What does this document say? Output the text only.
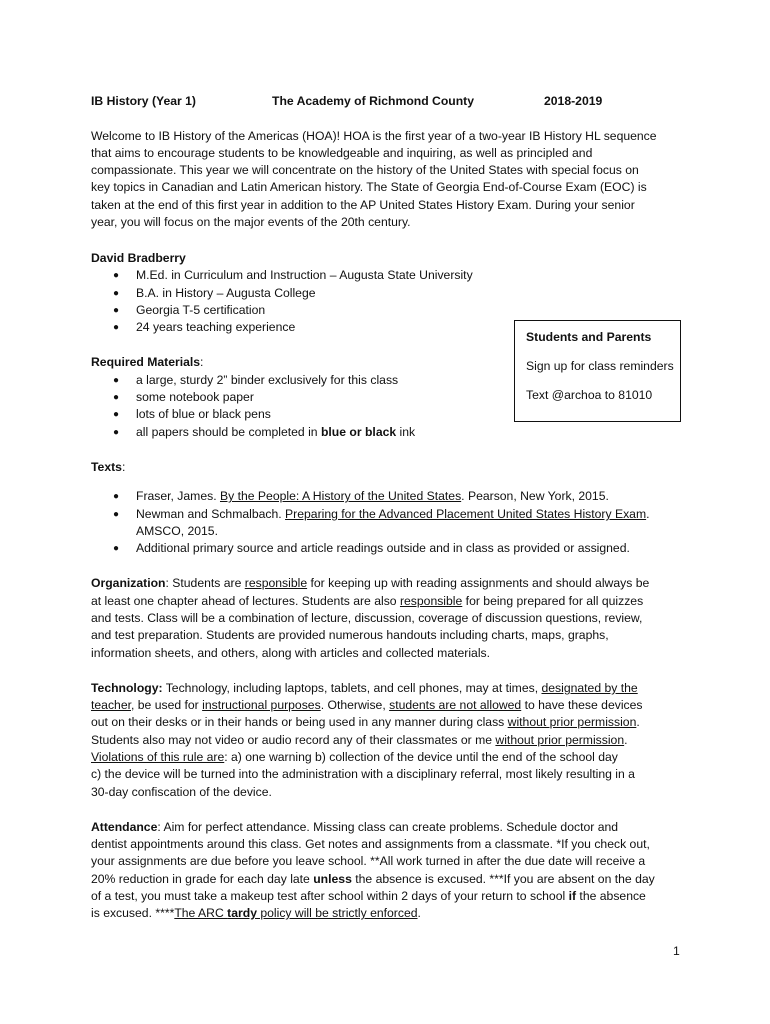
IB History (Year 1)	The Academy of Richmond County	2018-2019
Welcome to IB History of the Americas (HOA)! HOA is the first year of a two-year IB History HL sequence
that aims to encourage students to be knowledgeable and inquiring, as well as principled and
compassionate. This year we will concentrate on the history of the United States with special focus on
key topics in Canadian and Latin American history. The State of Georgia End-of-Course Exam (EOC) is
taken at the end of this first year in addition to the AP United States History Exam. During your senior
year, you will focus on the major events of the 20th century.
David Bradberry
● M.Ed. in Curriculum and Instruction – Augusta State University
● B.A. in History – Augusta College
● Georgia T-5 certification
● 24 years teaching experience
Required Materials:
● a large, sturdy 2” binder exclusively for this class
● some notebook paper
● lots of blue or black pens
● all papers should be completed in blue or black ink
Texts:
● Fraser, James. By the People: A History of the United States. Pearson, New York, 2015.
● Newman and Schmalbach. Preparing for the Advanced Placement United States History Exam.
AMSCO, 2015.
● Additional primary source and article readings outside and in class as provided or assigned.
Organization: Students are responsible for keeping up with reading assignments and should always be
at least one chapter ahead of lectures. Students are also responsible for being prepared for all quizzes
and tests. Class will be a combination of lecture, discussion, coverage of discussion questions, review,
and test preparation. Students are provided numerous handouts including charts, maps, graphs,
information sheets, and others, along with articles and collected materials.
Technology: Technology, including laptops, tablets, and cell phones, may at times, designated by the
teacher, be used for instructional purposes. Otherwise, students are not allowed to have these devices
out on their desks or in their hands or being used in any manner during class without prior permission.
Students also may not video or audio record any of their classmates or me without prior permission.
Violations of this rule are: a) one warning b) collection of the device until the end of the school day
c) the device will be turned into the administration with a disciplinary referral, most likely resulting in a
30-day confiscation of the device.
Attendance: Aim for perfect attendance. Missing class can create problems. Schedule doctor and
dentist appointments around this class. Get notes and assignments from a classmate. *If you check out,
your assignments are due before you leave school. **All work turned in after the due date will receive a
20% reduction in grade for each day late unless the absence is excused. ***If you are absent on the day
of a test, you must take a makeup test after school within 2 days of your return to school if the absence
is excused. ****The ARC tardy policy will be strictly enforced.
Students and Parents
Sign up for class reminders
Text @archoa to 81010
1
